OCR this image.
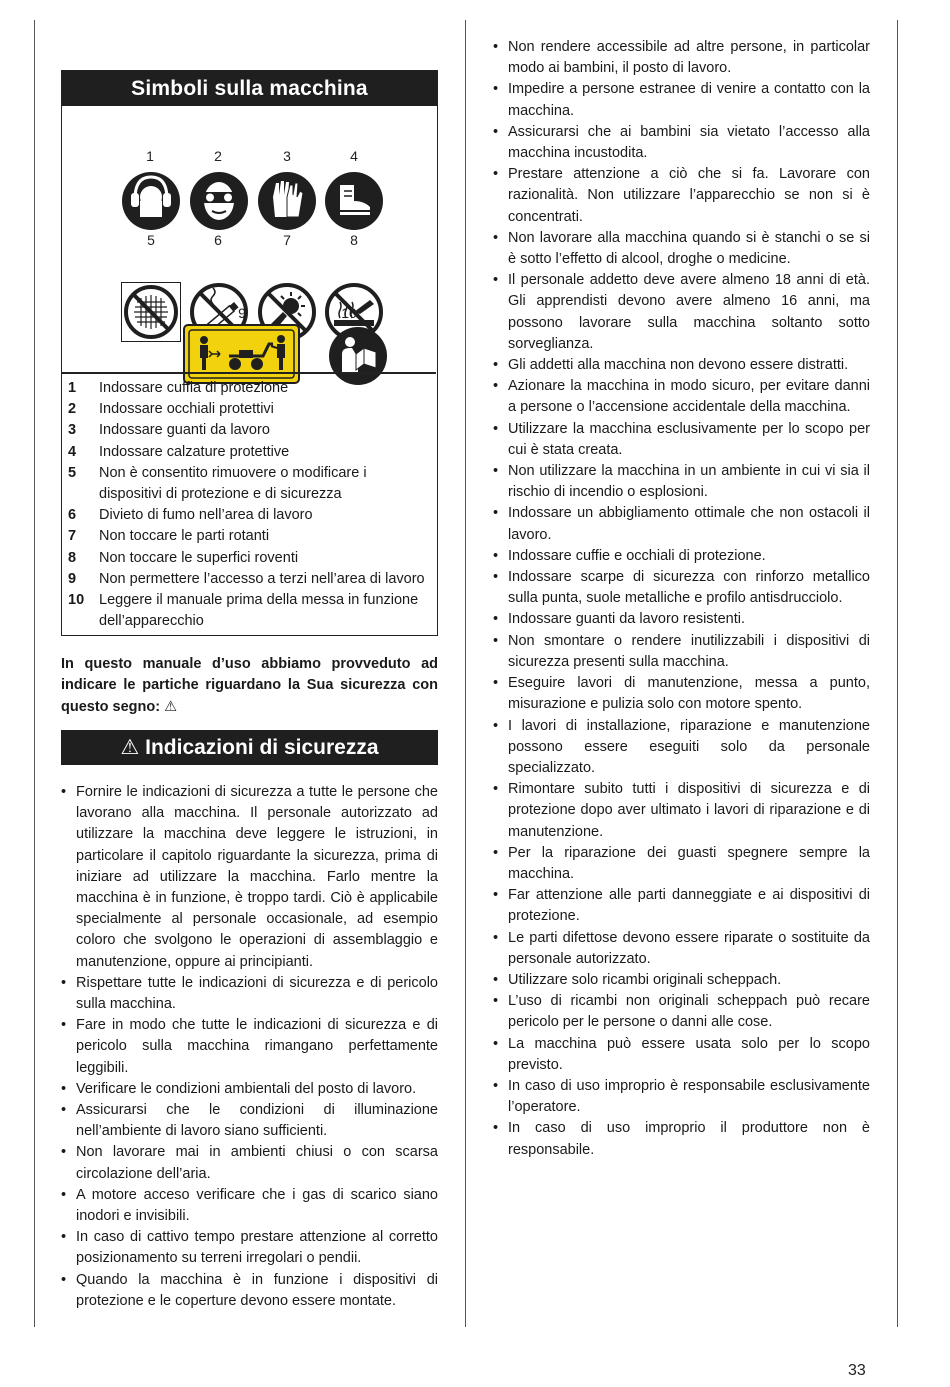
Simboli sulla macchina
1	2	3	4
5	6	7	8
9	10
1	Indossare cuffia di protezione
2	Indossare occhiali protettivi
3	Indossare guanti da lavoro
4	Indossare calzature protettive
5	Non è consentito rimuovere o modificare i dispositivi di protezione e di sicurezza
6	Divieto di fumo nell’area di lavoro
7	Non toccare le parti rotanti
8	Non toccare le superfici roventi
9	Non permettere l’accesso a terzi nell’area di lavoro
10	Leggere il manuale prima della messa in funzione dell’apparecchio

In questo manuale d’uso abbiamo provveduto ad indicare le partiche riguardano la Sua sicurezza con questo segno: ⚠

⚠ Indicazioni di sicurezza
• Fornire le indicazioni di sicurezza a tutte le persone che lavorano alla macchina. Il personale autorizzato ad utilizzare la macchina deve leggere le istruzioni, in particolare il capitolo riguardante la sicurezza, prima di iniziare ad utilizzare la macchina. Farlo mentre la macchina è in funzione, è troppo tardi. Ciò è applicabile specialmente al personale occasionale, ad esempio coloro che svolgono le operazioni di assemblaggio e manutenzione, oppure ai principianti.
• Rispettare tutte le indicazioni di sicurezza e di pericolo sulla macchina.
• Fare in modo che tutte le indicazioni di sicurezza e di pericolo sulla macchina rimangano perfettamente leggibili.
• Verificare le condizioni ambientali del posto di lavoro.
• Assicurarsi che le condizioni di illuminazione nell’ambiente di lavoro siano sufficienti.
• Non lavorare mai in ambienti chiusi o con scarsa circolazione dell’aria.
• A motore acceso verificare che i gas di scarico siano inodori e invisibili.
• In caso di cattivo tempo prestare attenzione al corretto posizionamento su terreni irregolari o pendii.
• Quando la macchina è in funzione i dispositivi di protezione e le coperture devono essere montate.
• Non rendere accessibile ad altre persone, in particolar modo ai bambini, il posto di lavoro.
• Impedire a persone estranee di venire a contatto con la macchina.
• Assicurarsi che ai bambini sia vietato l’accesso alla macchina incustodita.
• Prestare attenzione a ciò che si fa. Lavorare con razionalità. Non utilizzare l’apparecchio se non si è concentrati.
• Non lavorare alla macchina quando si è stanchi o se si è sotto l’effetto di alcool, droghe o medicine.
• Il personale addetto deve avere almeno 18 anni di età. Gli apprendisti devono avere almeno 16 anni, ma possono lavorare sulla macchina soltanto sotto sorveglianza.
• Gli addetti alla macchina non devono essere distratti.
• Azionare la macchina in modo sicuro, per evitare danni a persone o l’accensione accidentale della macchina.
• Utilizzare la macchina esclusivamente per lo scopo per cui è stata creata.
• Non utilizzare la macchina in un ambiente in cui vi sia il rischio di incendio o esplosioni.
• Indossare un abbigliamento ottimale che non ostacoli il lavoro.
• Indossare cuffie e occhiali di protezione.
• Indossare scarpe di sicurezza con rinforzo metallico sulla punta, suole metalliche e profilo antisdrucciolo.
• Indossare guanti da lavoro resistenti.
• Non smontare o rendere inutilizzabili i dispositivi di sicurezza presenti sulla macchina.
• Eseguire lavori di manutenzione, messa a punto, misurazione e pulizia solo con motore spento.
• I lavori di installazione, riparazione e manutenzione possono essere eseguiti solo da personale specializzato.
• Rimontare subito tutti i dispositivi di sicurezza e di protezione dopo aver ultimato i lavori di riparazione e di manutenzione.
• Per la riparazione dei guasti spegnere sempre la macchina.
• Far attenzione alle parti danneggiate e ai dispositivi di protezione.
• Le parti difettose devono essere riparate o sostituite da personale autorizzato.
• Utilizzare solo ricambi originali scheppach.
• L’uso di ricambi non originali scheppach può recare pericolo per le persone o danni alle cose.
• La macchina può essere usata solo per lo scopo previsto.
• In caso di uso improprio è responsabile esclusivamente l’operatore.
• In caso di uso improprio il produttore non è responsabile.
33
